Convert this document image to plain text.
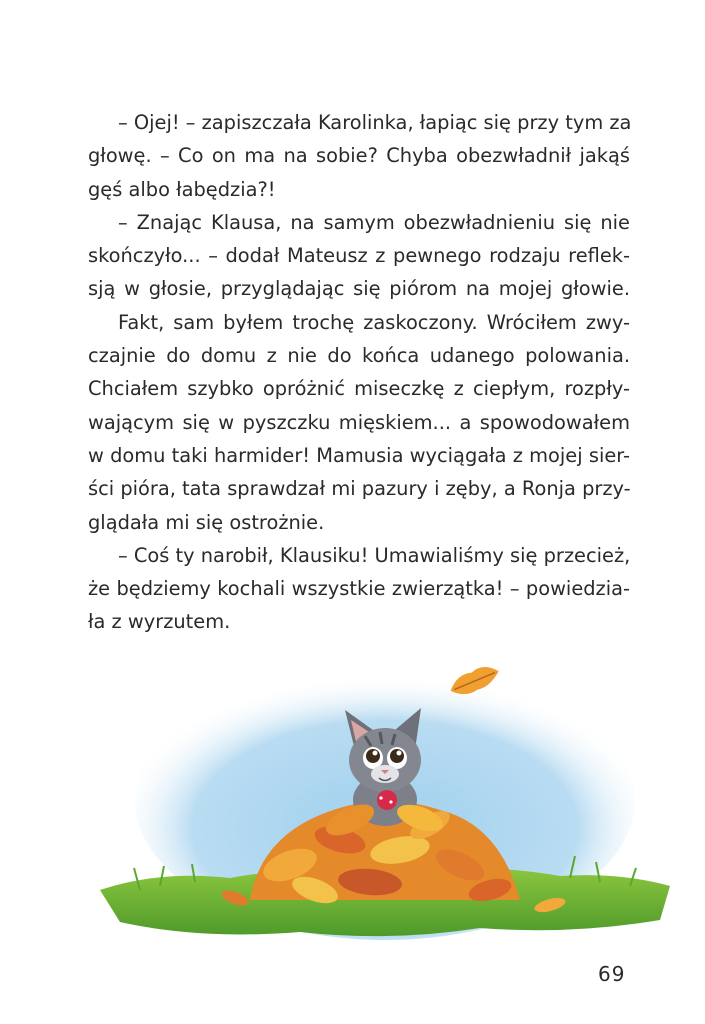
– Ojej! – zapiszczała Karolinka, łapiąc się przy tym za
głowę. – Co on ma na sobie? Chyba obezwładnił jakąś
gęś albo łabędzia?!
– Znając Klausa, na samym obezwładnieniu się nie
skończyło... – dodał Mateusz z pewnego rodzaju reflek-
sją w głosie, przyglądając się piórom na mojej głowie.
Fakt, sam byłem trochę zaskoczony. Wróciłem zwy-
czajnie do domu z nie do końca udanego polowania.
Chciałem szybko opróżnić miseczkę z ciepłym, rozpły-
wającym się w pyszczku mięskiem... a spowodowałem
w domu taki harmider! Mamusia wyciągała z mojej sier-
ści pióra, tata sprawdzał mi pazury i zęby, a Ronja przy-
glądała mi się ostrożnie.
– Coś ty narobił, Klausiku! Umawialiśmy się przecież,
że będziemy kochali wszystkie zwierzątka! – powiedzia-
ła z wyrzutem.
69
